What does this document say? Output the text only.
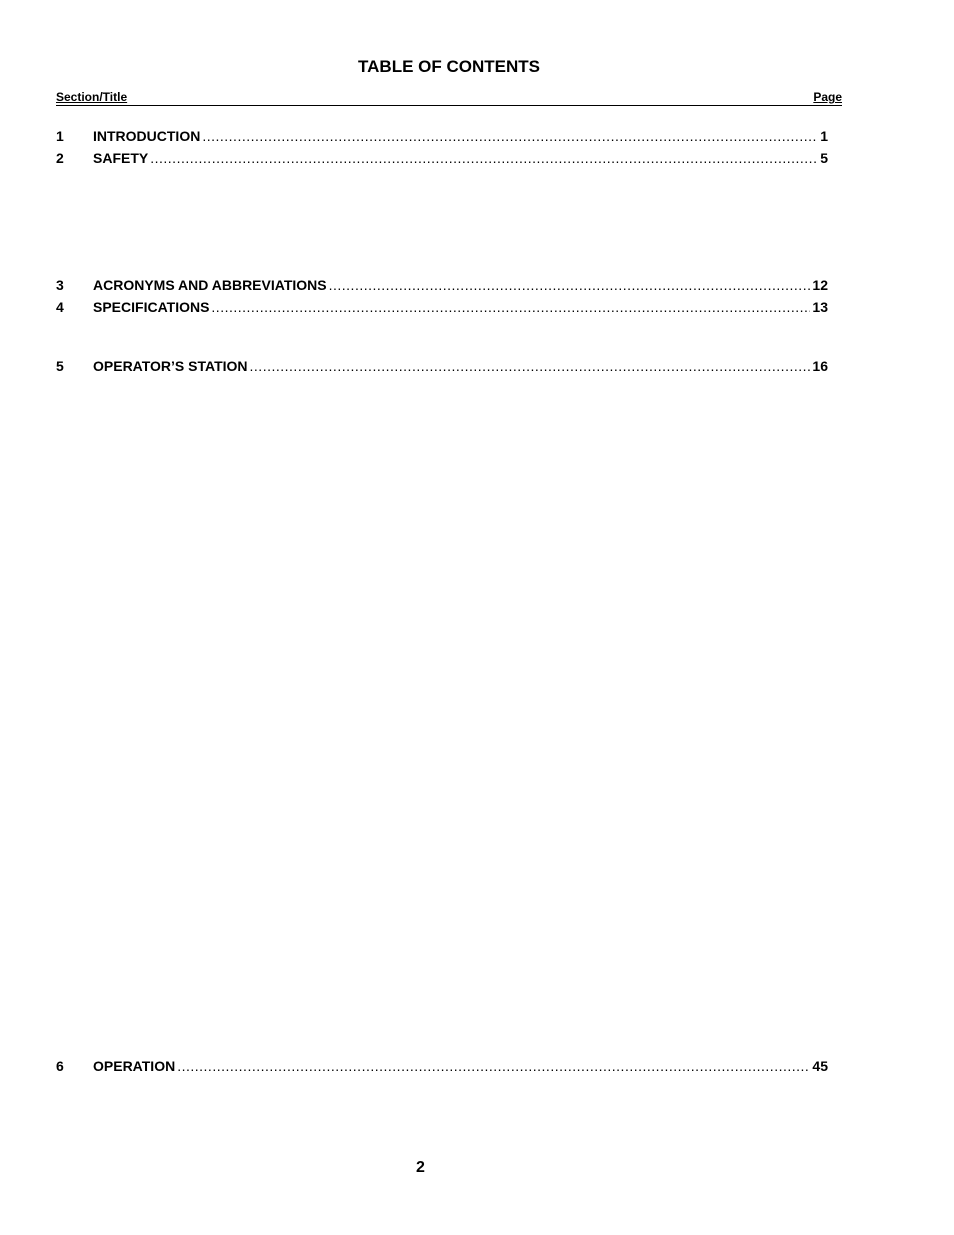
TABLE OF CONTENTS
Section/Title	Page
1	INTRODUCTION .....	1
2	SAFETY .....	5
3	ACRONYMS AND ABBREVIATIONS .....	12
4	SPECIFICATIONS .....	13
5	OPERATOR’S STATION .....	16
6	OPERATION .....	45
2
